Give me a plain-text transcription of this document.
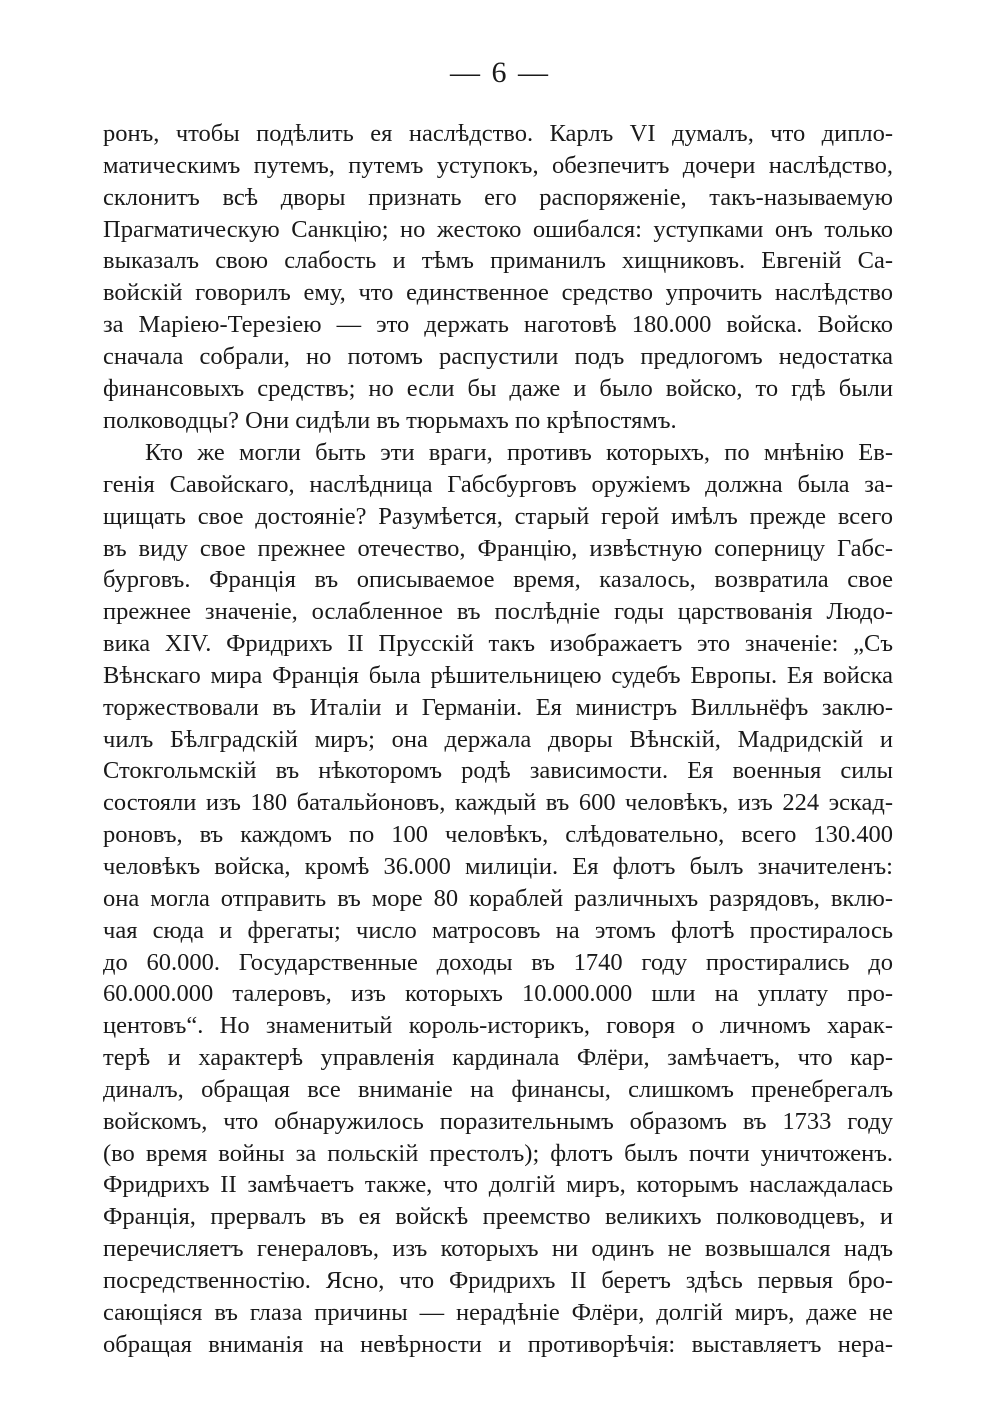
— 6 —
ронъ, чтобы подѣлить ея наслѣдство. Карлъ VI думалъ, что дипло-
матическимъ путемъ, путемъ уступокъ, обезпечитъ дочери наслѣдство,
склонитъ всѣ дворы признать его распоряженіе, такъ-называемую
Прагматическую Санкцію; но жестоко ошибался: уступками онъ только
выказалъ свою слабость и тѣмъ приманилъ хищниковъ. Евгеній Са-
войскій говорилъ ему, что единственное средство упрочить наслѣдство
за Маріею-Терезіею — это держать наготовѣ 180.000 войска. Войско
сначала собрали, но потомъ распустили подъ предлогомъ недостатка
финансовыхъ средствъ; но если бы даже и было войско, то гдѣ были
полководцы? Они сидѣли въ тюрьмахъ по крѣпостямъ.
Кто же могли быть эти враги, противъ которыхъ, по мнѣнію Ев-
генія Савойскаго, наслѣдница Габсбурговъ оружіемъ должна была за-
щищать свое достояніе? Разумѣется, старый герой имѣлъ прежде всего
въ виду свое прежнее отечество, Францію, извѣстную соперницу Габс-
бурговъ. Франція въ описываемое время, казалось, возвратила свое
прежнее значеніе, ослабленное въ послѣдніе годы царствованія Людо-
вика XIV. Фридрихъ II Прусскій такъ изображаетъ это значеніе: „Съ
Вѣнскаго мира Франція была рѣшительницею судебъ Европы. Ея войска
торжествовали въ Италіи и Германіи. Ея министръ Вилльнёфъ заклю-
чилъ Бѣлградскій миръ; она держала дворы Вѣнскій, Мадридскій и
Стокгольмскій въ нѣкоторомъ родѣ зависимости. Ея военныя силы
состояли изъ 180 батальйоновъ, каждый въ 600 человѣкъ, изъ 224 эскад-
роновъ, въ каждомъ по 100 человѣкъ, слѣдовательно, всего 130.400
человѣкъ войска, кромѣ 36.000 милиціи. Ея флотъ былъ значителенъ:
она могла отправить въ море 80 кораблей различныхъ разрядовъ, вклю-
чая сюда и фрегаты; число матросовъ на этомъ флотѣ простиралось
до 60.000. Государственные доходы въ 1740 году простирались до
60.000.000 талеровъ, изъ которыхъ 10.000.000 шли на уплату про-
центовъ“. Но знаменитый король-историкъ, говоря о личномъ харак-
терѣ и характерѣ управленія кардинала Флёри, замѣчаетъ, что кар-
диналъ, обращая все вниманіе на финансы, слишкомъ пренебрегалъ
войскомъ, что обнаружилось поразительнымъ образомъ въ 1733 году
(во время войны за польскій престолъ); флотъ былъ почти уничтоженъ.
Фридрихъ II замѣчаетъ также, что долгій миръ, которымъ наслаждалась
Франція, прервалъ въ ея войскѣ преемство великихъ полководцевъ, и
перечисляетъ генераловъ, изъ которыхъ ни одинъ не возвышался надъ
посредственностію. Ясно, что Фридрихъ II беретъ здѣсь первыя бро-
сающіяся въ глаза причины — нерадѣніе Флёри, долгій миръ, даже не
обращая вниманія на невѣрности и противорѣчія: выставляетъ нера-
